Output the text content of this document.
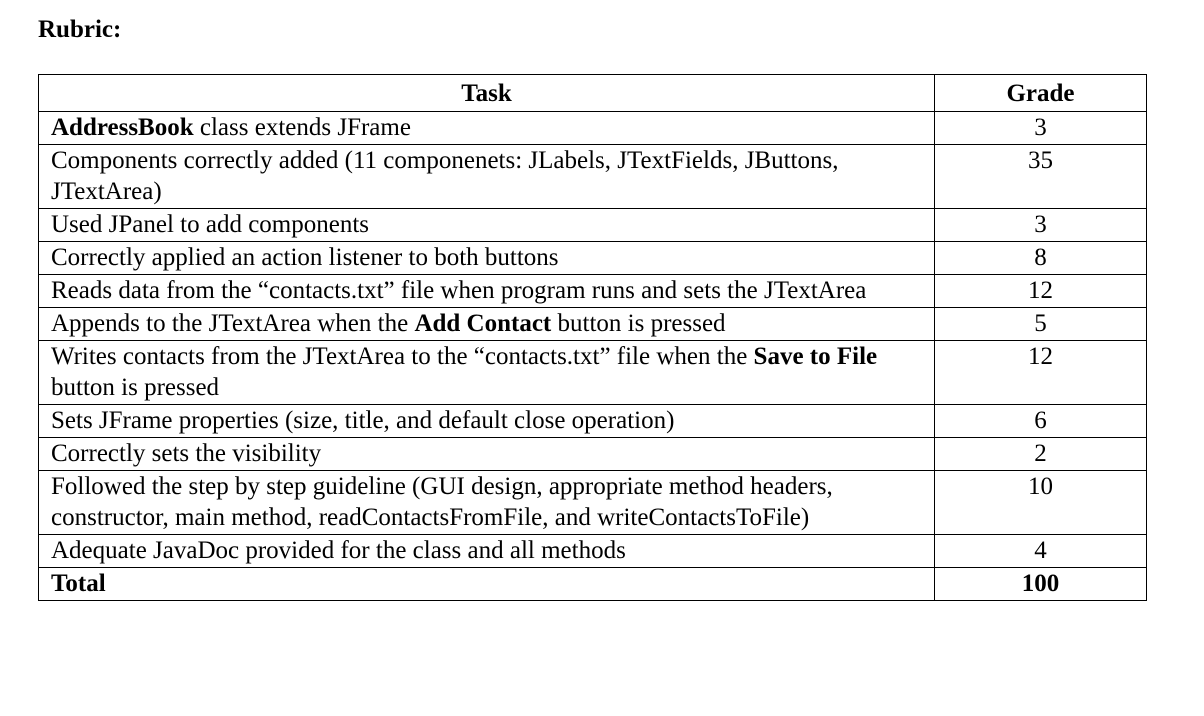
Rubric:
Task	Grade
AddressBook class extends JFrame	3
Components correctly added (11 componenets: JLabels, JTextFields, JButtons, JTextArea)	35
Used JPanel to add components	3
Correctly applied an action listener to both buttons	8
Reads data from the “contacts.txt” file when program runs and sets the JTextArea	12
Appends to the JTextArea when the Add Contact button is pressed	5
Writes contacts from the JTextArea to the “contacts.txt” file when the Save to File button is pressed	12
Sets JFrame properties (size, title, and default close operation)	6
Correctly sets the visibility	2
Followed the step by step guideline (GUI design, appropriate method headers, constructor, main method, readContactsFromFile, and writeContactsToFile)	10
Adequate JavaDoc provided for the class and all methods	4
Total	100
